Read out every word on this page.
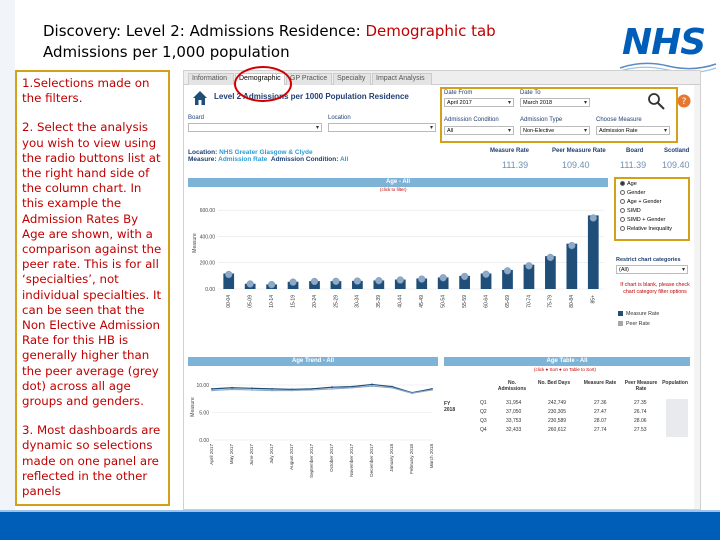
Discovery: Level 2: Admissions Residence: Demographic tab
Admissions per 1,000 population	NHS

1.Selections made on the filters.

2. Select the analysis you wish to view using the radio buttons list at the right hand side of the column chart. In this example the Admission Rates By Age are shown, with a comparison against the peer rate. This is for all ‘specialties’, not individual specialties. It can be seen that the Non Elective Admission Rate for this HB is generally higher than the peer average (grey dot) across all age groups and genders.

3. Most dashboards are dynamic so selections made on one panel are reflected in the other panels

Information	Demographic	GP Practice	Specialty	Impact Analysis
Level 2 Admissions per 1000 Population Residence
Board
▾	Location
▾
Date From
April 2017 ▾
Date To
March 2018 ▾
Admission Condition
All ▾
Admission Type
Non-Elective ▾
Choose Measure
Admission Rate ▾
?
Location: NHS Greater Glasgow & Clyde
Measure: Admission Rate Admission Condition: All
Measure Rate
111.39
Peer Measure Rate
109.40
Board
111.39
Scotland
109.40
Age - All
(click to filter)
0.00
200.00
400.00
600.00
Measure
00-04	05-09	10-14	15-19	20-24	25-29	30-34	35-39	40-44	45-49	50-54	55-59	60-64	65-69	70-74	75-79	80-84	85+
Age
Gender
Age + Gender
SIMD
SIMD + Gender
Relative Inequality
Restrict chart categories
(All) ▾
If chart is blank, please check chart category filter options
Measure Rate
Peer Rate
Age Trend - All
0.00
5.00
10.00
Measure
April 2017	May 2017	June 2017	July 2017	August 2017	September 2017	October 2017	November 2017	December 2017	January 2018	February 2018	March 2018
Age Table - All
(click ● Sort ● on Table to Sort)
No. Admissions
No. Bed Days	Measure Rate	Peer Measure Rate
Population
FY 2018
Q1	31,954	242,749	27.36	27.35
Q2	37,050	230,305	27.47	26.74
Q3	33,753	230,589	28.07	28.06
Q4	32,433	260,612	27.74	27.53
